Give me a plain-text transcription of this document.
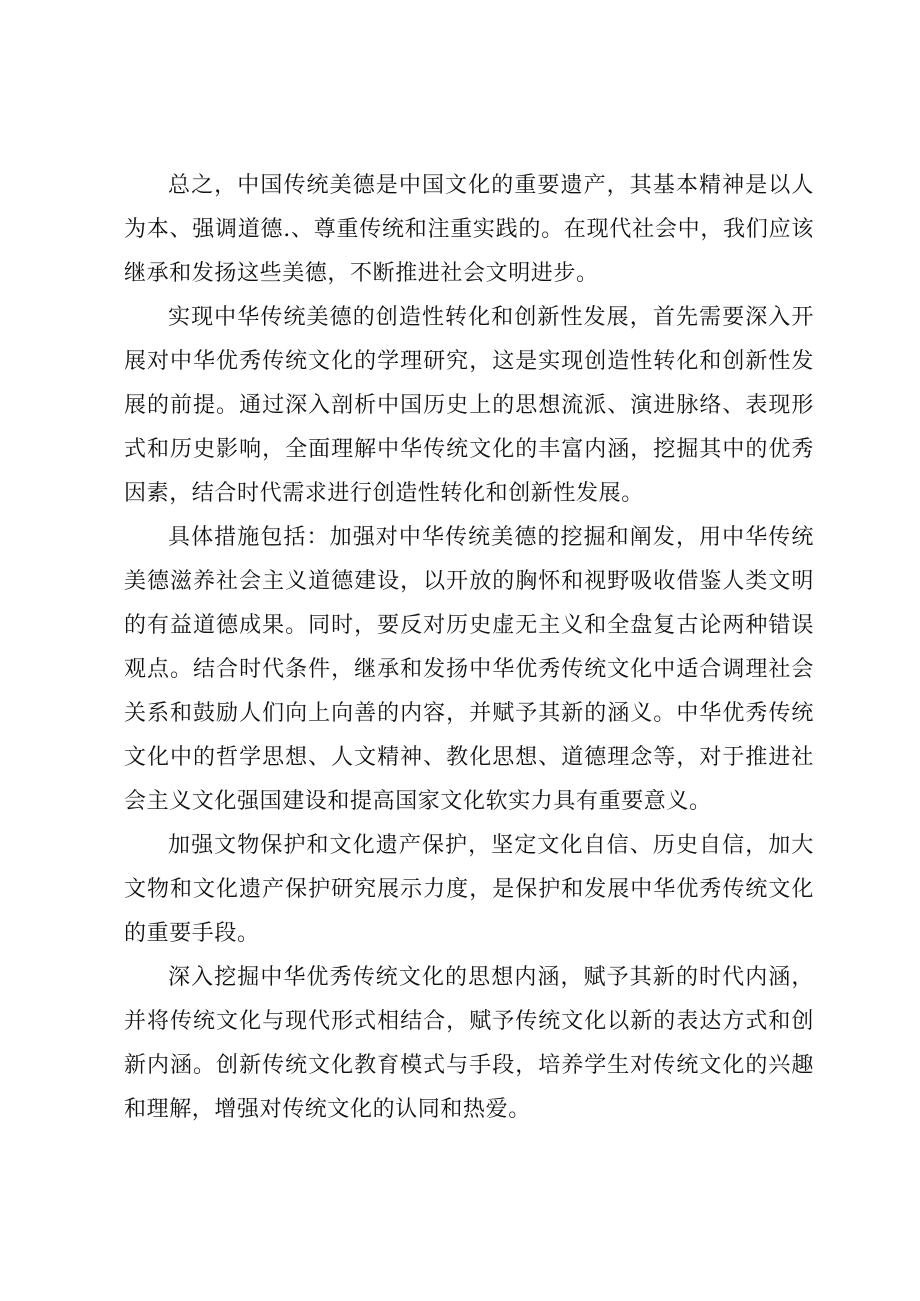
总之，中国传统美德是中国文化的重要遗产，其基本精神是以人为本、强调道德.、尊重传统和注重实践的。在现代社会中，我们应该继承和发扬这些美德，不断推进社会文明进步。

实现中华传统美德的创造性转化和创新性发展，首先需要深入开展对中华优秀传统文化的学理研究，这是实现创造性转化和创新性发展的前提。通过深入剖析中国历史上的思想流派、演进脉络、表现形式和历史影响，全面理解中华传统文化的丰富内涵，挖掘其中的优秀因素，结合时代需求进行创造性转化和创新性发展。

具体措施包括：加强对中华传统美德的挖掘和阐发，用中华传统美德滋养社会主义道德建设，以开放的胸怀和视野吸收借鉴人类文明的有益道德成果。同时，要反对历史虚无主义和全盘复古论两种错误观点。结合时代条件，继承和发扬中华优秀传统文化中适合调理社会关系和鼓励人们向上向善的内容，并赋予其新的涵义。中华优秀传统文化中的哲学思想、人文精神、教化思想、道德理念等，对于推进社会主义文化强国建设和提高国家文化软实力具有重要意义。

加强文物保护和文化遗产保护，坚定文化自信、历史自信，加大文物和文化遗产保护研究展示力度，是保护和发展中华优秀传统文化的重要手段。

深入挖掘中华优秀传统文化的思想内涵，赋予其新的时代内涵，并将传统文化与现代形式相结合，赋予传统文化以新的表达方式和创新内涵。创新传统文化教育模式与手段，培养学生对传统文化的兴趣和理解，增强对传统文化的认同和热爱。
